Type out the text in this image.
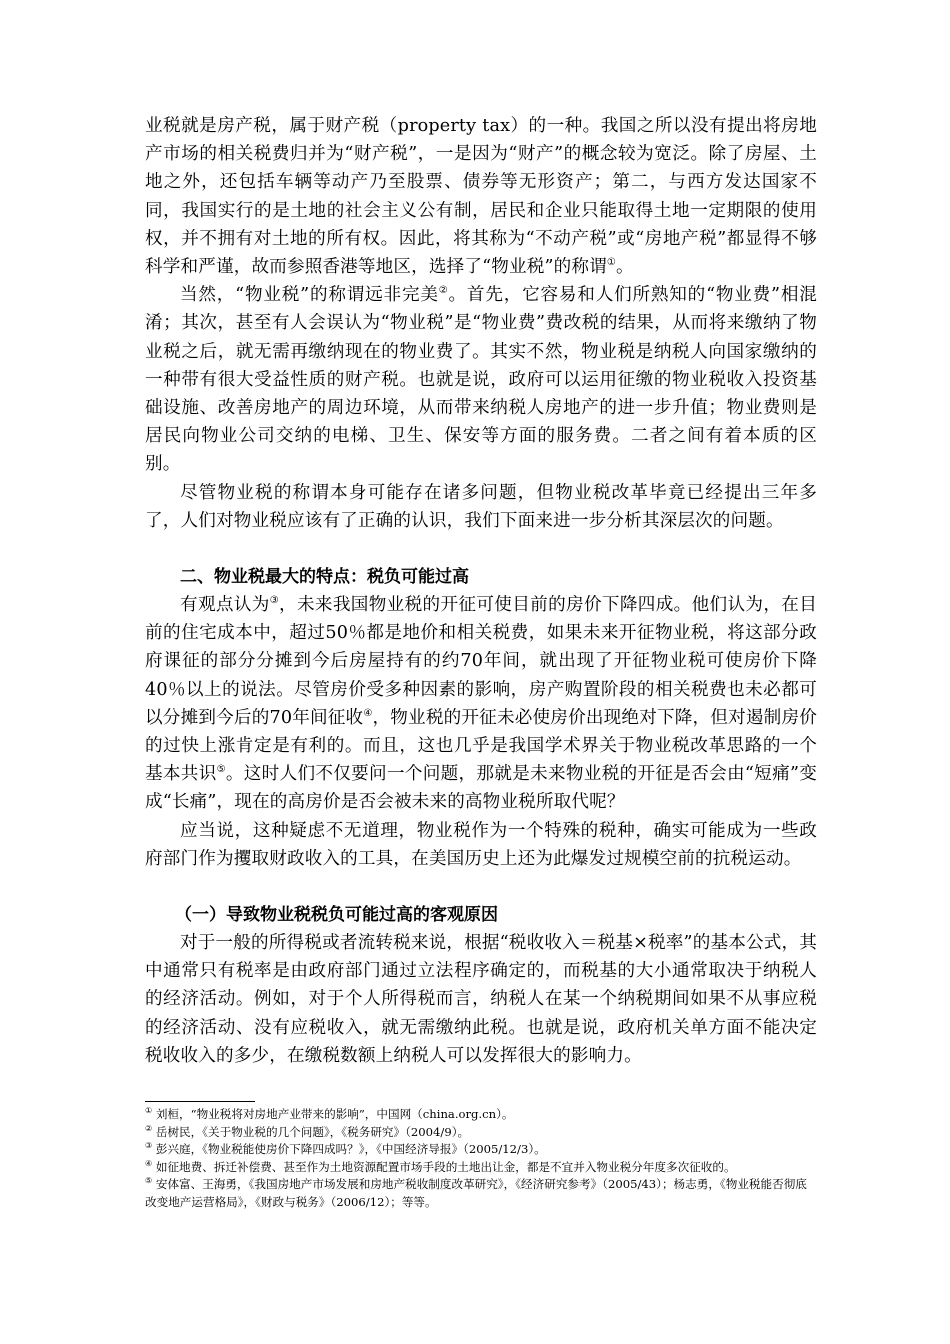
业税就是房产税，属于财产税（property tax）的一种。我国之所以没有提出将房地产市场的相关税费归并为“财产税”，一是因为“财产”的概念较为宽泛。除了房屋、土地之外，还包括车辆等动产乃至股票、债券等无形资产；第二，与西方发达国家不同，我国实行的是土地的社会主义公有制，居民和企业只能取得土地一定期限的使用权，并不拥有对土地的所有权。因此，将其称为“不动产税”或“房地产税”都显得不够科学和严谨，故而参照香港等地区，选择了“物业税”的称谓①。

当然，“物业税”的称谓远非完美②。首先，它容易和人们所熟知的“物业费”相混淆；其次，甚至有人会误认为“物业税”是“物业费”费改税的结果，从而将来缴纳了物业税之后，就无需再缴纳现在的物业费了。其实不然，物业税是纳税人向国家缴纳的一种带有很大受益性质的财产税。也就是说，政府可以运用征缴的物业税收入投资基础设施、改善房地产的周边环境，从而带来纳税人房地产的进一步升值；物业费则是居民向物业公司交纳的电梯、卫生、保安等方面的服务费。二者之间有着本质的区别。

尽管物业税的称谓本身可能存在诸多问题，但物业税改革毕竟已经提出三年多了，人们对物业税应该有了正确的认识，我们下面来进一步分析其深层次的问题。

二、物业税最大的特点：税负可能过高

有观点认为③，未来我国物业税的开征可使目前的房价下降四成。他们认为，在目前的住宅成本中，超过50％都是地价和相关税费，如果未来开征物业税，将这部分政府课征的部分分摊到今后房屋持有的约70年间，就出现了开征物业税可使房价下降40％以上的说法。尽管房价受多种因素的影响，房产购置阶段的相关税费也未必都可以分摊到今后的70年间征收④，物业税的开征未必使房价出现绝对下降，但对遏制房价的过快上涨肯定是有利的。而且，这也几乎是我国学术界关于物业税改革思路的一个基本共识⑤。这时人们不仅要问一个问题，那就是未来物业税的开征是否会由“短痛”变成“长痛”，现在的高房价是否会被未来的高物业税所取代呢？

应当说，这种疑虑不无道理，物业税作为一个特殊的税种，确实可能成为一些政府部门作为攫取财政收入的工具，在美国历史上还为此爆发过规模空前的抗税运动。

（一）导致物业税税负可能过高的客观原因

对于一般的所得税或者流转税来说，根据“税收收入＝税基×税率”的基本公式，其中通常只有税率是由政府部门通过立法程序确定的，而税基的大小通常取决于纳税人的经济活动。例如，对于个人所得税而言，纳税人在某一个纳税期间如果不从事应税的经济活动、没有应税收入，就无需缴纳此税。也就是说，政府机关单方面不能决定税收收入的多少，在缴税数额上纳税人可以发挥很大的影响力。

① 刘桓，“物业税将对房地产业带来的影响”，中国网（china.org.cn）。

② 岳树民，《关于物业税的几个问题》，《税务研究》（2004/9）。

③ 彭兴庭，《物业税能使房价下降四成吗？》，《中国经济导报》（2005/12/3）。

④ 如征地费、拆迁补偿费、甚至作为土地资源配置市场手段的土地出让金，都是不宜并入物业税分年度多次征收的。

⑤ 安体富、王海勇，《我国房地产市场发展和房地产税收制度改革研究》，《经济研究参考》（2005/43）；杨志勇，《物业税能否彻底改变地产运营格局》，《财政与税务》（2006/12）；等等。
